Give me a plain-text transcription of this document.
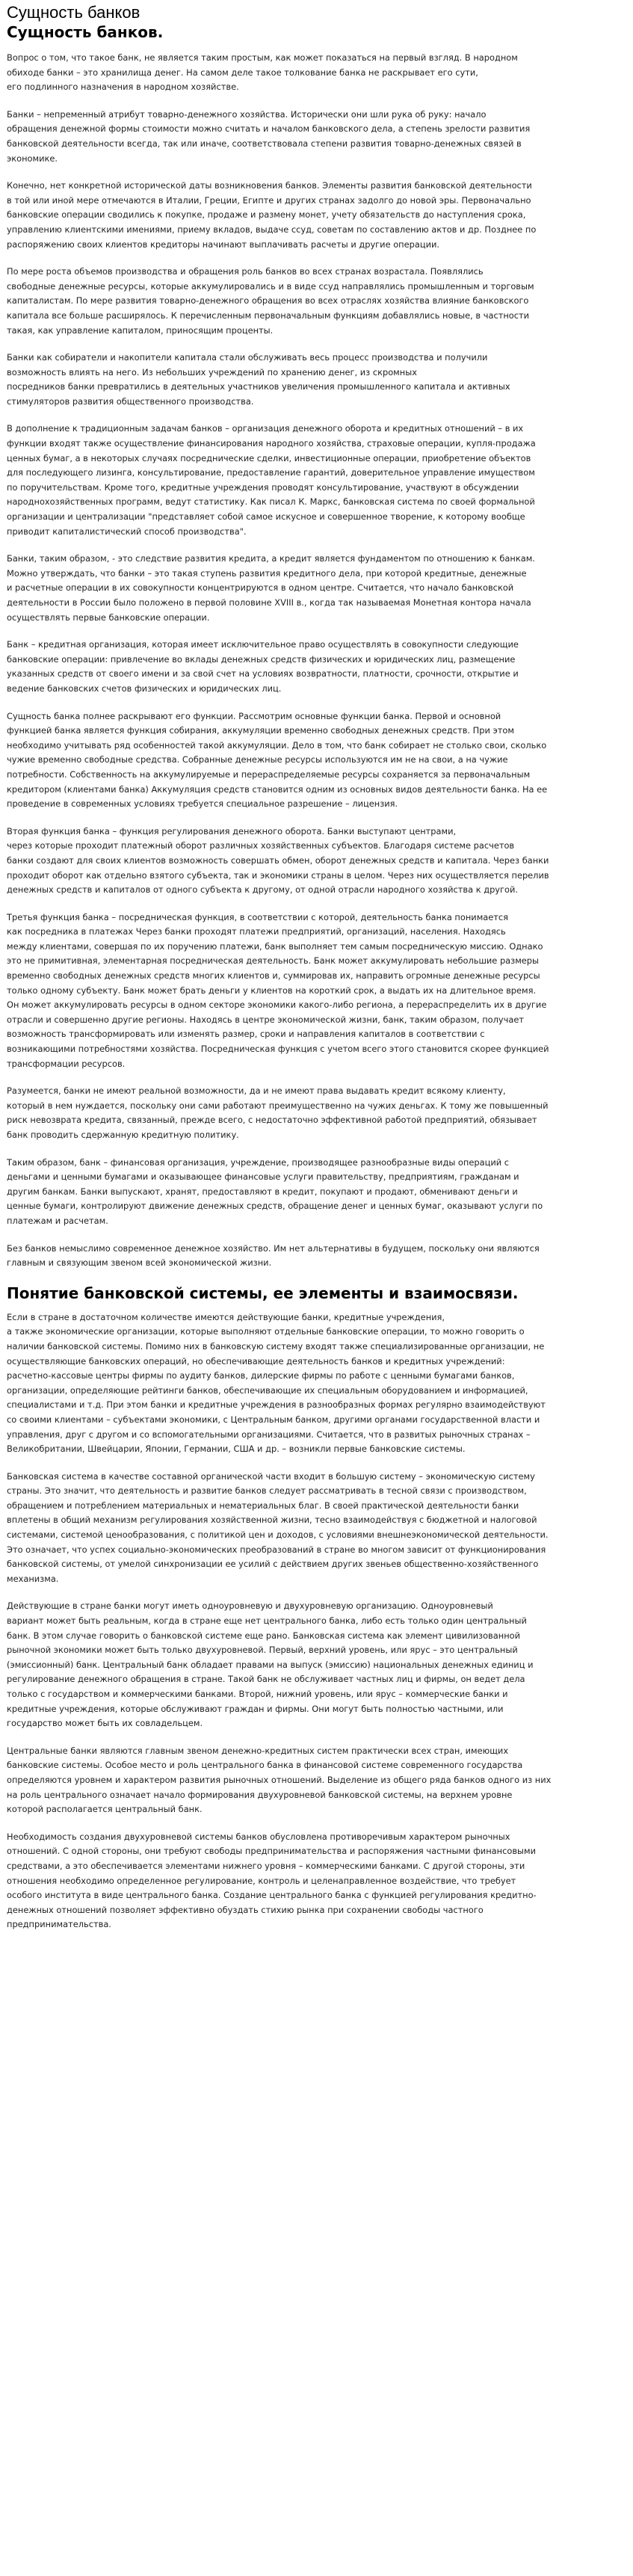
Сущность банков
Сущность банков.

Вопрос о том, что такое банк, не является таким простым, как может показаться на первый взгляд. В народном
обиходе банки – это хранилища денег. На самом деле такое толкование банка не раскрывает его сути,
его подлинного назначения в народном хозяйстве.

Банки – непременный атрибут товарно-денежного хозяйства. Исторически они шли рука об руку: начало
обращения денежной формы стоимости можно считать и началом банковского дела, а степень зрелости развития
банковской деятельности всегда, так или иначе, соответствовала степени развития товарно-денежных связей в
экономике.

Конечно, нет конкретной исторической даты возникновения банков. Элементы развития банковской деятельности
в той или иной мере отмечаются в Италии, Греции, Египте и других странах задолго до новой эры. Первоначально
банковские операции сводились к покупке, продаже и размену монет, учету обязательств до наступления срока,
управлению клиентскими имениями, приему вкладов, выдаче ссуд, советам по составлению актов и др. Позднее по
распоряжению своих клиентов кредиторы начинают выплачивать расчеты и другие операции.

По мере роста объемов производства и обращения роль банков во всех странах возрастала. Появлялись
свободные денежные ресурсы, которые аккумулировались и в виде ссуд направлялись промышленным и торговым
капиталистам. По мере развития товарно-денежного обращения во всех отраслях хозяйства влияние банковского
капитала все больше расширялось. К перечисленным первоначальным функциям добавлялись новые, в частности
такая, как управление капиталом, приносящим проценты.

Банки как собиратели и накопители капитала стали обслуживать весь процесс производства и получили
возможность влиять на него. Из небольших учреждений по хранению денег, из скромных
посредников банки превратились в деятельных участников увеличения промышленного капитала и активных
стимуляторов развития общественного производства.

В дополнение к традиционным задачам банков – организация денежного оборота и кредитных отношений – в их
функции входят также осуществление финансирования народного хозяйства, страховые операции, купля-продажа
ценных бумаг, а в некоторых случаях посреднические сделки, инвестиционные операции, приобретение объектов
для последующего лизинга, консультирование, предоставление гарантий, доверительное управление имуществом
по поручительствам. Кроме того, кредитные учреждения проводят консультирование, участвуют в обсуждении
народнохозяйственных программ, ведут статистику. Как писал К. Маркс, банковская система по своей формальной
организации и централизации "представляет собой самое искусное и совершенное творение, к которому вообще
приводит капиталистический способ производства".

Банки, таким образом, - это следствие развития кредита, а кредит является фундаментом по отношению к банкам.
Можно утверждать, что банки – это такая ступень развития кредитного дела, при которой кредитные, денежные
и расчетные операции в их совокупности концентрируются в одном центре. Считается, что начало банковской
деятельности в России было положено в первой половине XVIII в., когда так называемая Монетная контора начала
осуществлять первые банковские операции.

Банк – кредитная организация, которая имеет исключительное право осуществлять в совокупности следующие
банковские операции: привлечение во вклады денежных средств физических и юридических лиц, размещение
указанных средств от своего имени и за свой счет на условиях возвратности, платности, срочности, открытие и
ведение банковских счетов физических и юридических лиц.

Сущность банка полнее раскрывают его функции. Рассмотрим основные функции банка. Первой и основной
функцией банка является функция собирания, аккумуляции временно свободных денежных средств. При этом
необходимо учитывать ряд особенностей такой аккумуляции. Дело в том, что банк собирает не столько свои, сколько
чужие временно свободные средства. Собранные денежные ресурсы используются им не на свои, а на чужие
потребности. Собственность на аккумулируемые и перераспределяемые ресурсы сохраняется за первоначальным
кредитором (клиентами банка) Аккумуляция средств становится одним из основных видов деятельности банка. На ее
проведение в современных условиях требуется специальное разрешение – лицензия.

Вторая функция банка – функция регулирования денежного оборота. Банки выступают центрами,
через которые проходит платежный оборот различных хозяйственных субъектов. Благодаря системе расчетов
банки создают для своих клиентов возможность совершать обмен, оборот денежных средств и капитала. Через банки
проходит оборот как отдельно взятого субъекта, так и экономики страны в целом. Через них осуществляется перелив
денежных средств и капиталов от одного субъекта к другому, от одной отрасли народного хозяйства к другой.

Третья функция банка – посредническая функция, в соответствии с которой, деятельность банка понимается
как посредника в платежах Через банки проходят платежи предприятий, организаций, населения. Находясь
между клиентами, совершая по их поручению платежи, банк выполняет тем самым посредническую миссию. Однако
это не примитивная, элементарная посредническая деятельность. Банк может аккумулировать небольшие размеры
временно свободных денежных средств многих клиентов и, суммировав их, направить огромные денежные ресурсы
только одному субъекту. Банк может брать деньги у клиентов на короткий срок, а выдать их на длительное время.
Он может аккумулировать ресурсы в одном секторе экономики какого-либо региона, а перераспределить их в другие
отрасли и совершенно другие регионы. Находясь в центре экономической жизни, банк, таким образом, получает
возможность трансформировать или изменять размер, сроки и направления капиталов в соответствии с
возникающими потребностями хозяйства. Посредническая функция с учетом всего этого становится скорее функцией
трансформации ресурсов.

Разумеется, банки не имеют реальной возможности, да и не имеют права выдавать кредит всякому клиенту,
который в нем нуждается, поскольку они сами работают преимущественно на чужих деньгах. К тому же повышенный
риск невозврата кредита, связанный, прежде всего, с недостаточно эффективной работой предприятий, обязывает
банк проводить сдержанную кредитную политику.

Таким образом, банк – финансовая организация, учреждение, производящее разнообразные виды операций с
деньгами и ценными бумагами и оказывающее финансовые услуги правительству, предприятиям, гражданам и
другим банкам. Банки выпускают, хранят, предоставляют в кредит, покупают и продают, обменивают деньги и
ценные бумаги, контролируют движение денежных средств, обращение денег и ценных бумаг, оказывают услуги по
платежам и расчетам.

Без банков немыслимо современное денежное хозяйство. Им нет альтернативы в будущем, поскольку они являются
главным и связующим звеном всей экономической жизни.

Понятие банковской системы, ее элементы и взаимосвязи.

Если в стране в достаточном количестве имеются действующие банки, кредитные учреждения,
а также экономические организации, которые выполняют отдельные банковские операции, то можно говорить о
наличии банковской системы. Помимо них в банковскую систему входят также специализированные организации, не
осуществляющие банковских операций, но обеспечивающие деятельность банков и кредитных учреждений:
расчетно-кассовые центры фирмы по аудиту банков, дилерские фирмы по работе с ценными бумагами банков,
организации, определяющие рейтинги банков, обеспечивающие их специальным оборудованием и информацией,
специалистами и т.д. При этом банки и кредитные учреждения в разнообразных формах регулярно взаимодействуют
со своими клиентами – субъектами экономики, с Центральным банком, другими органами государственной власти и
управления, друг с другом и со вспомогательными организациями. Считается, что в развитых рыночных странах –
Великобритании, Швейцарии, Японии, Германии, США и др. – возникли первые банковские системы.

Банковская система в качестве составной органической части входит в большую систему – экономическую систему
страны. Это значит, что деятельность и развитие банков следует рассматривать в тесной связи с производством,
обращением и потреблением материальных и нематериальных благ. В своей практической деятельности банки
вплетены в общий механизм регулирования хозяйственной жизни, тесно взаимодействуя с бюджетной и налоговой
системами, системой ценообразования, с политикой цен и доходов, с условиями внешнеэкономической деятельности.
Это означает, что успех социально-экономических преобразований в стране во многом зависит от функционирования
банковской системы, от умелой синхронизации ее усилий с действием других звеньев общественно-хозяйственного
механизма.

Действующие в стране банки могут иметь одноуровневую и двухуровневую организацию. Одноуровневый
вариант может быть реальным, когда в стране еще нет центрального банка, либо есть только один центральный
банк. В этом случае говорить о банковской системе еще рано. Банковская система как элемент цивилизованной
рыночной экономики может быть только двухуровневой. Первый, верхний уровень, или ярус – это центральный
(эмиссионный) банк. Центральный банк обладает правами на выпуск (эмиссию) национальных денежных единиц и
регулирование денежного обращения в стране. Такой банк не обслуживает частных лиц и фирмы, он ведет дела
только с государством и коммерческими банками. Второй, нижний уровень, или ярус – коммерческие банки и
кредитные учреждения, которые обслуживают граждан и фирмы. Они могут быть полностью частными, или
государство может быть их совладельцем.

Центральные банки являются главным звеном денежно-кредитных систем практически всех стран, имеющих
банковские системы. Особое место и роль центрального банка в финансовой системе современного государства
определяются уровнем и характером развития рыночных отношений. Выделение из общего ряда банков одного из них
на роль центрального означает начало формирования двухуровневой банковской системы, на верхнем уровне
которой располагается центральный банк.

Необходимость создания двухуровневой системы банков обусловлена противоречивым характером рыночных
отношений. С одной стороны, они требуют свободы предпринимательства и распоряжения частными финансовыми
средствами, а это обеспечивается элементами нижнего уровня – коммерческими банками. С другой стороны, эти
отношения необходимо определенное регулирование, контроль и целенаправленное воздействие, что требует
особого института в виде центрального банка. Создание центрального банка с функцией регулирования кредитно-
денежных отношений позволяет эффективно обуздать стихию рынка при сохранении свободы частного
предпринимательства.
